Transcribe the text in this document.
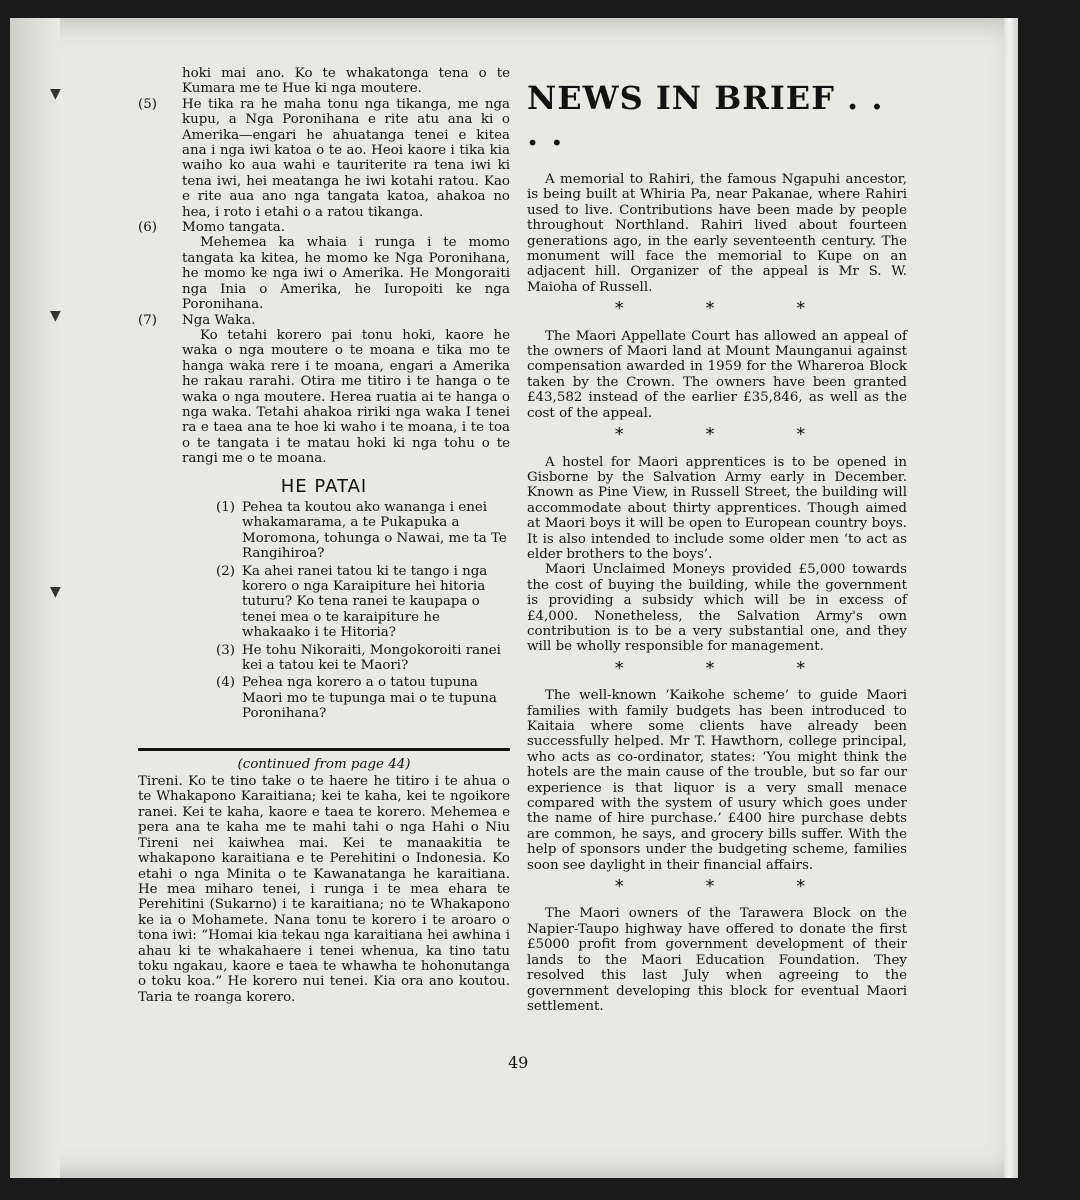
▼
▼
▼

hoki mai ano. Ko te whakatonga tena o te Kumara me te Hue ki nga moutere.

(5)	He tika ra he maha tonu nga tikanga, me nga kupu, a Nga Poronihana e rite atu ana ki o Amerika—engari he ahuatanga tenei e kitea ana i nga iwi katoa o te ao. Heoi kaore i tika kia waiho ko aua wahi e tauriterite ra tena iwi ki tena iwi, hei meatanga he iwi kotahi ratou. Kao e rite aua ano nga tangata katoa, ahakoa no hea, i roto i etahi o a ratou tikanga.
(6)	Momo tangata.

Mehemea ka whaia i runga i te momo tangata ka kitea, he momo ke Nga Poronihana, he momo ke nga iwi o Amerika. He Mongoraiti nga Inia o Amerika, he Iuropoiti ke nga Poronihana.

(7)	Nga Waka.

Ko tetahi korero pai tonu hoki, kaore he waka o nga moutere o te moana e tika mo te hanga waka rere i te moana, engari a Amerika he rakau rarahi. Otira me titiro i te hanga o te waka o nga moutere. Herea ruatia ai te hanga o nga waka. Tetahi ahakoa ririki nga waka I tenei ra e taea ana te hoe ki waho i te moana, i te toa o te tangata i te matau hoki ki nga tohu o te rangi me o te moana.

HE PATAI
(1) Pehea ta koutou ako wananga i enei whakamarama, a te Pukapuka a Moromona, tohunga o Nawai, me ta Te Rangihiroa?
(2) Ka ahei ranei tatou ki te tango i nga korero o nga Karaipiture hei hitoria tuturu? Ko tena ranei te kaupapa o tenei mea o te karaipiture he whakaako i te Hitoria?
(3) He tohu Nikoraiti, Mongokoroiti ranei kei a tatou kei te Maori?
(4) Pehea nga korero a o tatou tupuna Maori mo te tupunga mai o te tupuna Poronihana?
(continued from page 44)

Tireni. Ko te tino take o te haere he titiro i te ahua o te Whakapono Karaitiana; kei te kaha, kei te ngoikore ranei. Kei te kaha, kaore e taea te korero. Mehemea e pera ana te kaha me te mahi tahi o nga Hahi o Niu Tireni nei kaiwhea mai. Kei te manaakitia te whakapono karaitiana e te Perehitini o Indonesia. Ko etahi o nga Minita o te Kawanatanga he karaitiana. He mea miharo tenei, i runga i te mea ehara te Perehitini (Sukarno) i te karaitiana; no te Whakapono ke ia o Mohamete. Nana tonu te korero i te aroaro o tona iwi: “Homai kia tekau nga karaitiana hei awhina i ahau ki te whakahaere i tenei whenua, ka tino tatu toku ngakau, kaore e taea te whawha te hohonutanga o toku koa.” He korero nui tenei. Kia ora ano koutou. Taria te roanga korero.

NEWS IN BRIEF . . . .

A memorial to Rahiri, the famous Ngapuhi ancestor, is being built at Whiria Pa, near Pakanae, where Rahiri used to live. Contributions have been made by people throughout Northland. Rahiri lived about fourteen generations ago, in the early seventeenth century. The monument will face the memorial to Kupe on an adjacent hill. Organizer of the appeal is Mr S. W. Maioha of Russell.

* * *

The Maori Appellate Court has allowed an appeal of the owners of Maori land at Mount Maunganui against compensation awarded in 1959 for the Whareroa Block taken by the Crown. The owners have been granted £43,582 instead of the earlier £35,846, as well as the cost of the appeal.

* * *

A hostel for Maori apprentices is to be opened in Gisborne by the Salvation Army early in December. Known as Pine View, in Russell Street, the building will accommodate about thirty apprentices. Though aimed at Maori boys it will be open to European country boys. It is also intended to include some older men ‘to act as elder brothers to the boys’.

Maori Unclaimed Moneys provided £5,000 towards the cost of buying the building, while the government is providing a subsidy which will be in excess of £4,000. Nonetheless, the Salvation Army's own contribution is to be a very substantial one, and they will be wholly responsible for management.

* * *

The well-known ‘Kaikohe scheme’ to guide Maori families with family budgets has been introduced to Kaitaia where some clients have already been successfully helped. Mr T. Hawthorn, college principal, who acts as co-ordinator, states: ‘You might think the hotels are the main cause of the trouble, but so far our experience is that liquor is a very small menace compared with the system of usury which goes under the name of hire purchase.’ £400 hire purchase debts are common, he says, and grocery bills suffer. With the help of sponsors under the budgeting scheme, families soon see daylight in their financial affairs.

* * *

The Maori owners of the Tarawera Block on the Napier-Taupo highway have offered to donate the first £5000 profit from government development of their lands to the Maori Education Foundation. They resolved this last July when agreeing to the government developing this block for eventual Maori settlement.

49
